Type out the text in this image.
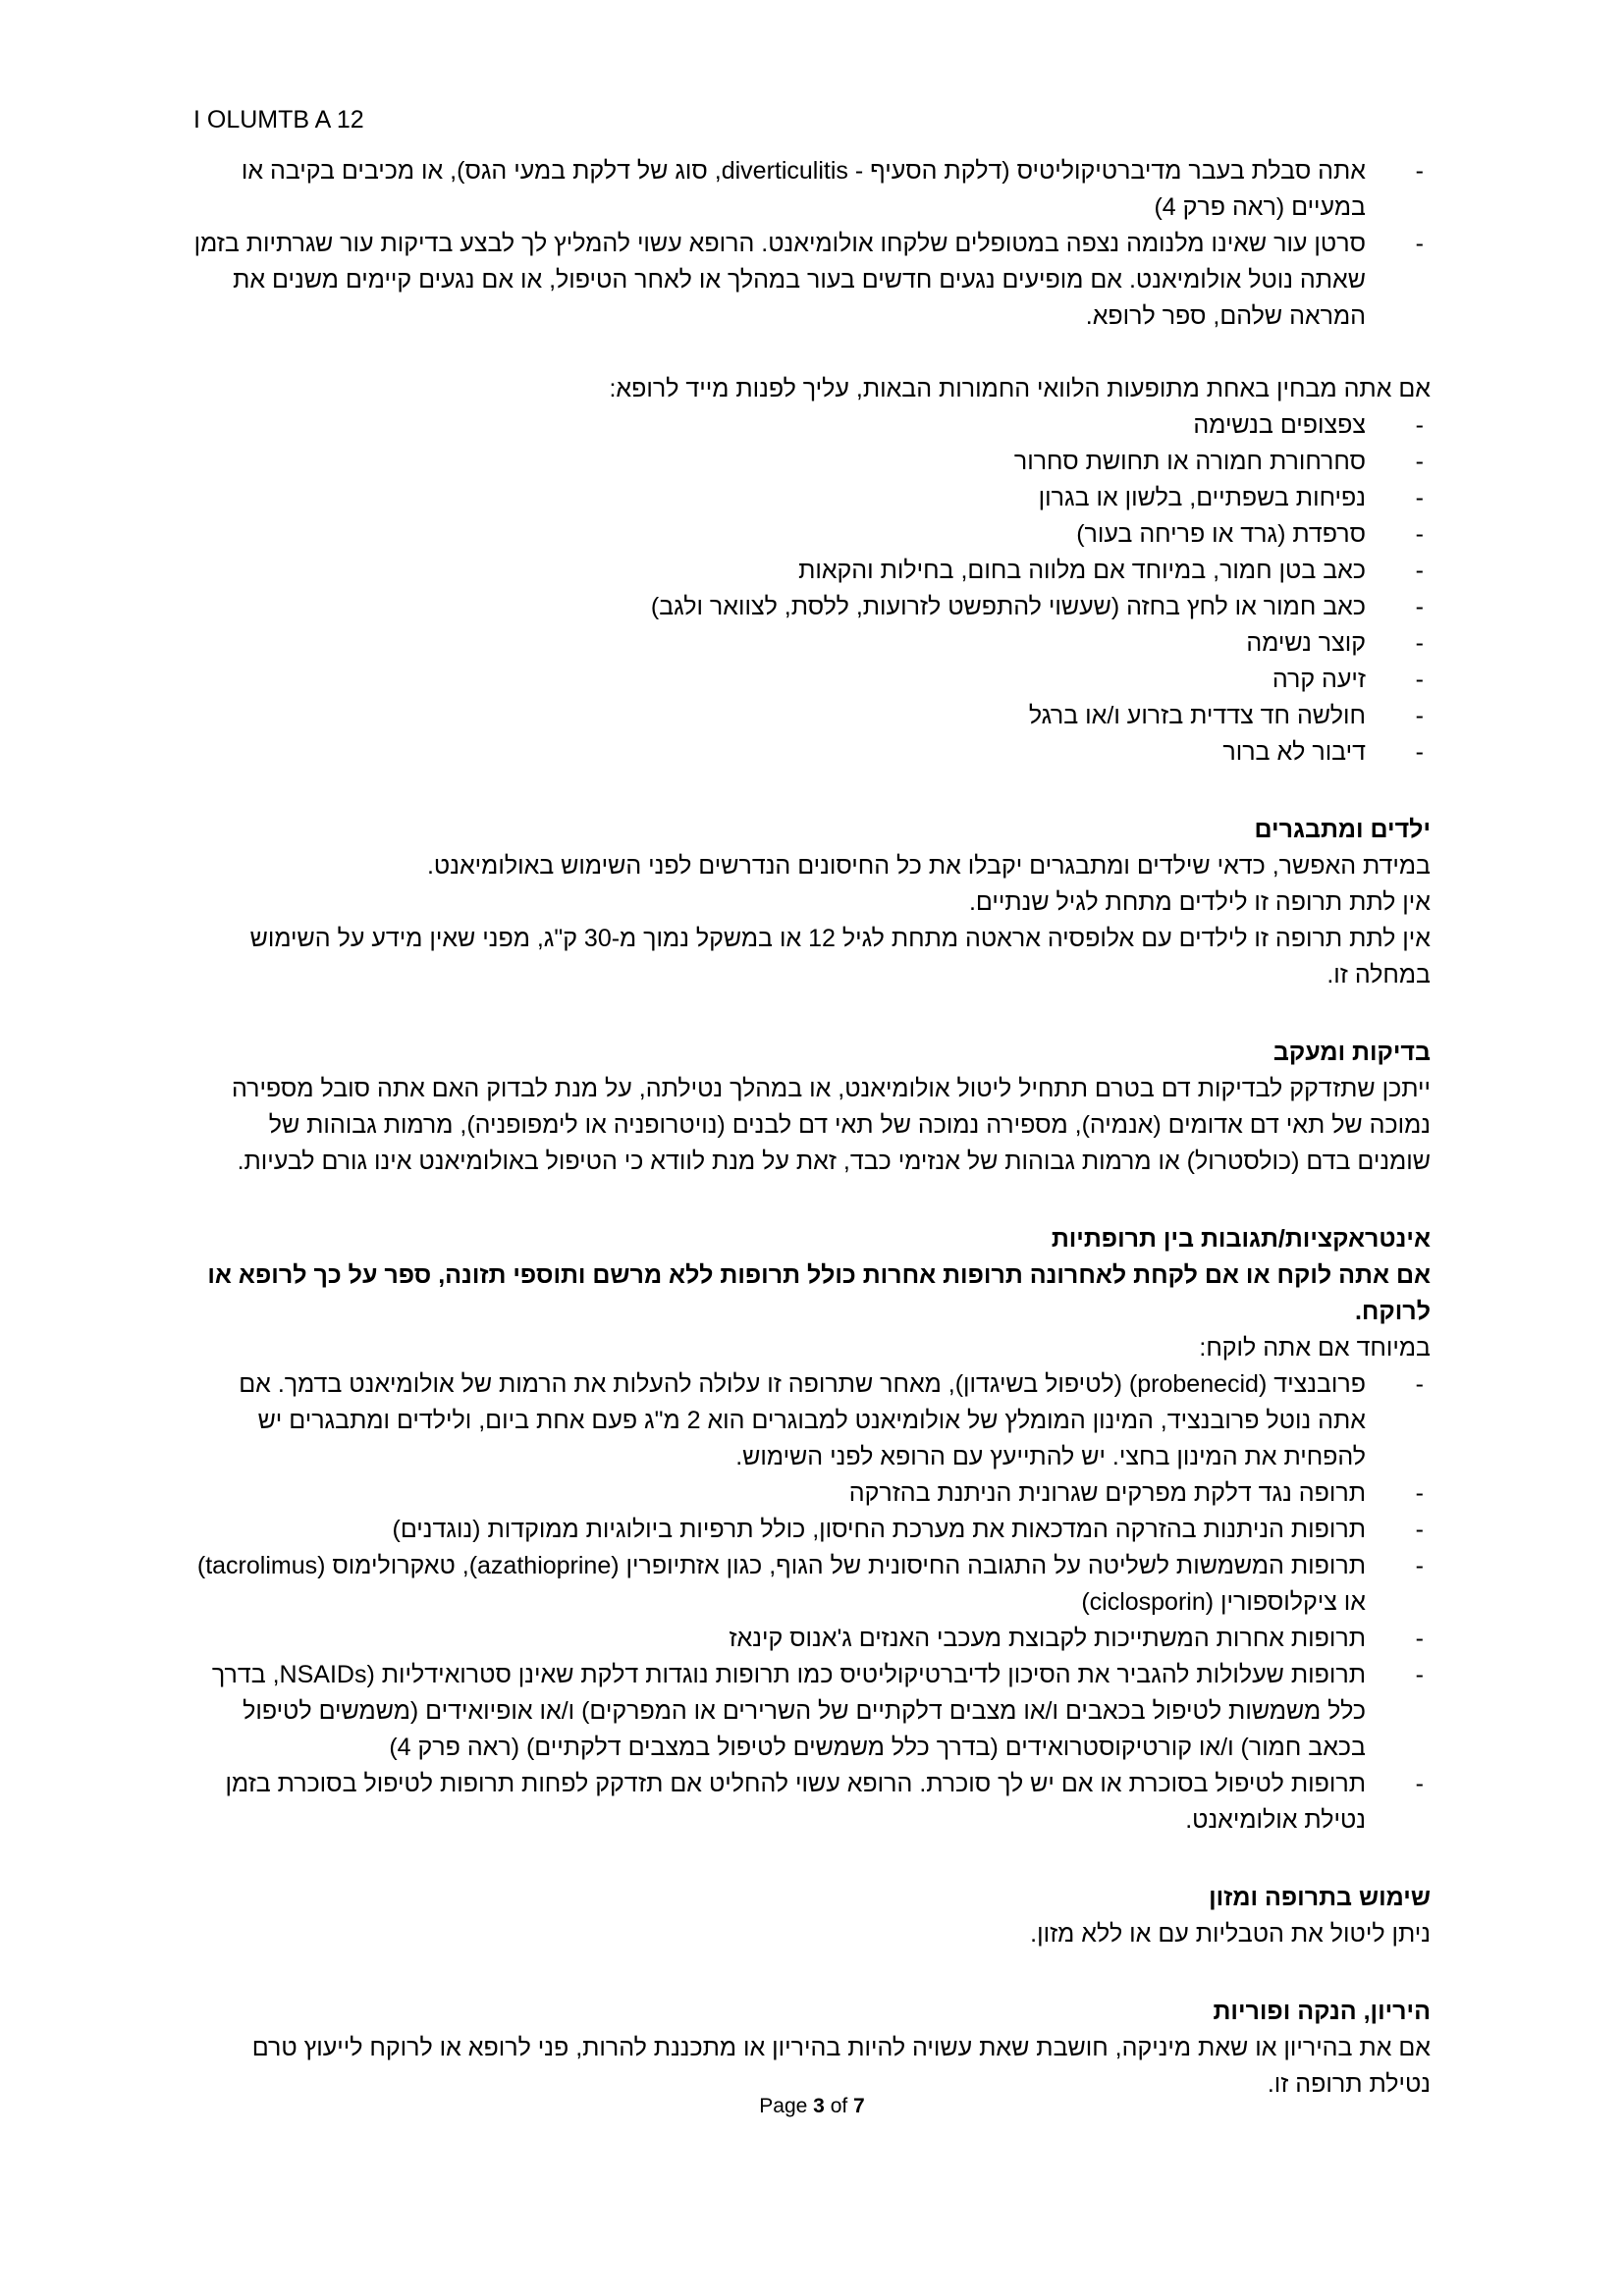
I OLUMTB A 12
- אתה סבלת בעבר מדיברטיקוליטיס (דלקת הסעיף - diverticulitis, סוג של דלקת במעי הגס), או מכיבים בקיבה או במעיים (ראה פרק 4)
- סרטן עור שאינו מלנומה נצפה במטופלים שלקחו אולומיאנט. הרופא עשוי להמליץ לך לבצע בדיקות עור שגרתיות בזמן שאתה נוטל אולומיאנט. אם מופיעים נגעים חדשים בעור במהלך או לאחר הטיפול, או אם נגעים קיימים משנים את המראה שלהם, ספר לרופא.

אם אתה מבחין באחת מתופעות הלוואי החמורות הבאות, עליך לפנות מייד לרופא:

- צפצופים בנשימה
- סחרחורת חמורה או תחושת סחרור
- נפיחות בשפתיים, בלשון או בגרון
- סרפדת (גרד או פריחה בעור)
- כאב בטן חמור, במיוחד אם מלווה בחום, בחילות והקאות
- כאב חמור או לחץ בחזה (שעשוי להתפשט לזרועות, ללסת, לצוואר ולגב)
- קוצר נשימה
- זיעה קרה
- חולשה חד צדדית בזרוע ו/או ברגל
- דיבור לא ברור
ילדים ומתבגרים

במידת האפשר, כדאי שילדים ומתבגרים יקבלו את כל החיסונים הנדרשים לפני השימוש באולומיאנט.

אין לתת תרופה זו לילדים מתחת לגיל שנתיים.

אין לתת תרופה זו לילדים עם אלופסיה אראטה מתחת לגיל 12 או במשקל נמוך מ-30 ק"ג, מפני שאין מידע על השימוש במחלה זו.

בדיקות ומעקב

ייתכן שתזדקק לבדיקות דם בטרם תתחיל ליטול אולומיאנט, או במהלך נטילתה, על מנת לבדוק האם אתה סובל מספירה נמוכה של תאי דם אדומים (אנמיה), מספירה נמוכה של תאי דם לבנים (נויטרופניה או לימפופניה), מרמות גבוהות של שומנים בדם (כולסטרול) או מרמות גבוהות של אנזימי כבד, זאת על מנת לוודא כי הטיפול באולומיאנט אינו גורם לבעיות.

אינטראקציות/תגובות בין תרופתיות

אם אתה לוקח או אם לקחת לאחרונה תרופות אחרות כולל תרופות ללא מרשם ותוספי תזונה, ספר על כך לרופא או לרוקח.

במיוחד אם אתה לוקח:

- פרובנציד (probenecid) (לטיפול בשיגדון), מאחר שתרופה זו עלולה להעלות את הרמות של אולומיאנט בדמך. אם אתה נוטל פרובנציד, המינון המומלץ של אולומיאנט למבוגרים הוא 2 מ"ג פעם אחת ביום, ולילדים ומתבגרים יש להפחית את המינון בחצי. יש להתייעץ עם הרופא לפני השימוש.
- תרופה נגד דלקת מפרקים שגרונית הניתנת בהזרקה
- תרופות הניתנות בהזרקה המדכאות את מערכת החיסון, כולל תרפיות ביולוגיות ממוקדות (נוגדנים)
- תרופות המשמשות לשליטה על התגובה החיסונית של הגוף, כגון אזתיופרין (azathioprine), טאקרולימוס (tacrolimus) או ציקלוספורין (ciclosporin)
- תרופות אחרות המשתייכות לקבוצת מעכבי האנזים ג'אנוס קינאז
- תרופות שעלולות להגביר את הסיכון לדיברטיקוליטיס כמו תרופות נוגדות דלקת שאינן סטרואידליות (NSAIDs, בדרך כלל משמשות לטיפול בכאבים ו/או מצבים דלקתיים של השרירים או המפרקים) ו/או אופיואידים (משמשים לטיפול בכאב חמור) ו/או קורטיקוסטרואידים (בדרך כלל משמשים לטיפול במצבים דלקתיים) (ראה פרק 4)
- תרופות לטיפול בסוכרת או אם יש לך סוכרת. הרופא עשוי להחליט אם תזדקק לפחות תרופות לטיפול בסוכרת בזמן נטילת אולומיאנט.
שימוש בתרופה ומזון

ניתן ליטול את הטבליות עם או ללא מזון.

היריון, הנקה ופוריות

אם את בהיריון או שאת מיניקה, חושבת שאת עשויה להיות בהיריון או מתכננת להרות, פני לרופא או לרוקח לייעוץ טרם נטילת תרופה זו.

Page 3 of 7
